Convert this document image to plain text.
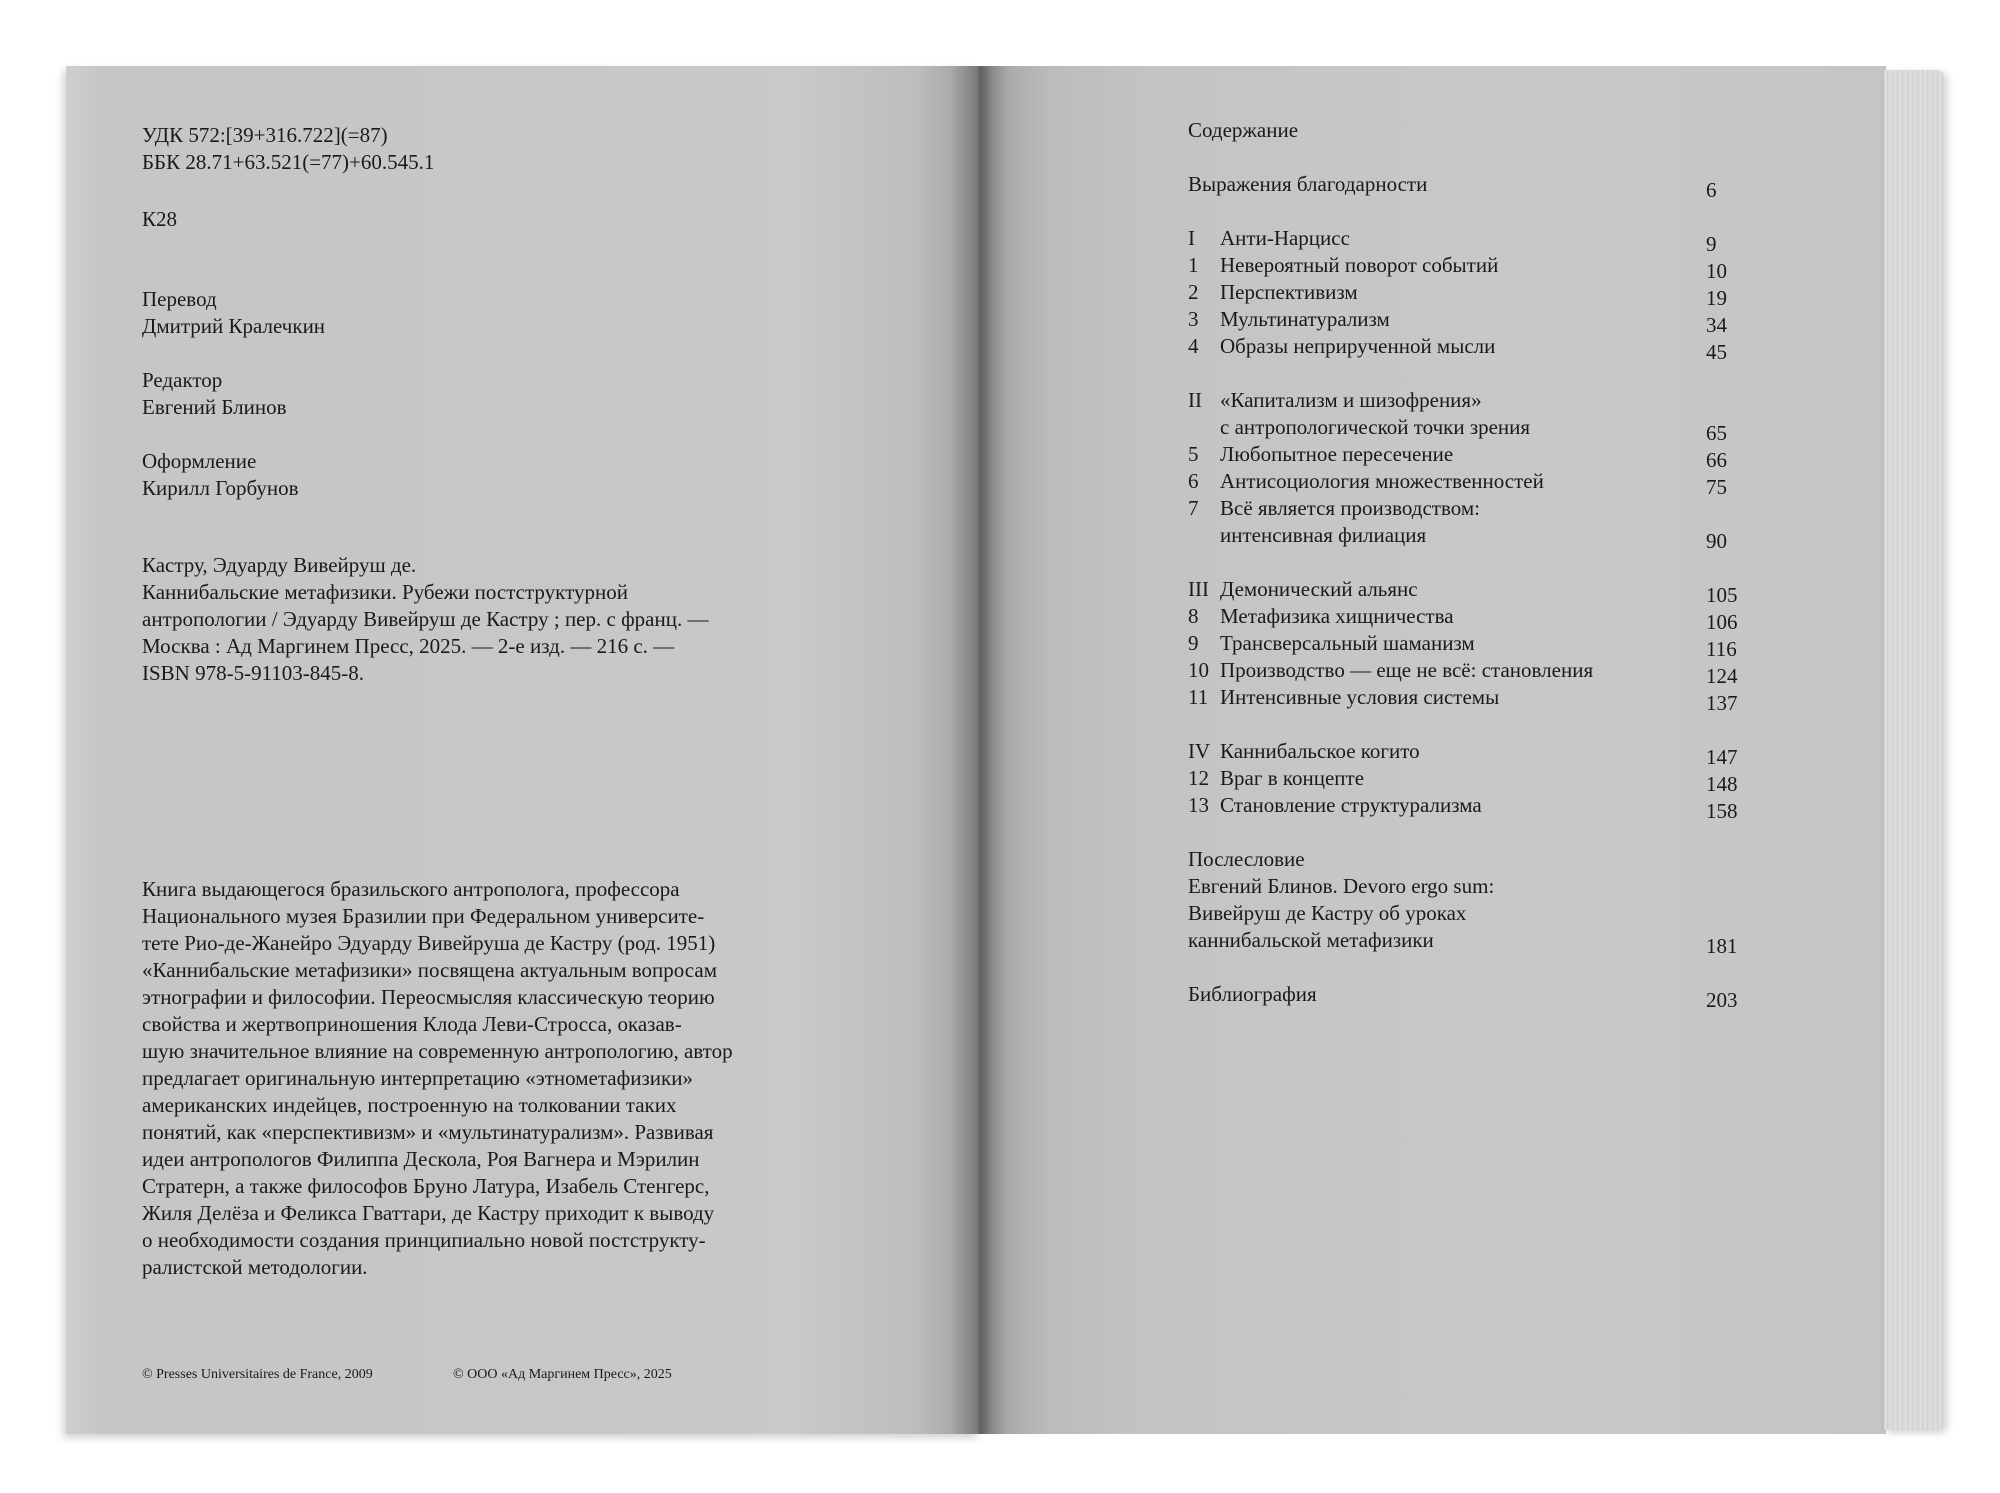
УДК 572:[39+316.722](=87)
ББК 28.71+63.521(=77)+60.545.1
К28
Перевод
Дмитрий Кралечкин
Редактор
Евгений Блинов
Оформление
Кирилл Горбунов
Кастру, Эдуарду Вивейруш де.
Каннибальские метафизики. Рубежи постструктурной
антропологии / Эдуарду Вивейруш де Кастру ; пер. с франц. —
Москва : Ад Маргинем Пресс, 2025. — 2-е изд. — 216 с. —
ISBN 978-5-91103-845-8.

Книга выдающегося бразильского антрополога, профессора

Национального музея Бразилии при Федеральном университе-

тете Рио-де-Жанейро Эдуарду Вивейруша де Кастру (род. 1951)

«Каннибальские метафизики» посвящена актуальным вопросам

этнографии и философии. Переосмысляя классическую теорию

свойства и жертвоприношения Клода Леви-Стросса, оказав-

шую значительное влияние на современную антропологию, автор

предлагает оригинальную интерпретацию «этнометафизики»

американских индейцев, построенную на толковании таких

понятий, как «перспективизм» и «мультинатурализм». Развивая

идеи антропологов Филиппа Дескола, Роя Вагнера и Мэрилин

Стратерн, а также философов Бруно Латура, Изабель Стенгерс,

Жиля Делёза и Феликса Гваттари, де Кастру приходит к выводу

о необходимости создания принципиально новой постструкту-

ралистской методологии.

© Presses Universitaires de France, 2009	© ООО «Ад Маргинем Пресс», 2025
Содержание
Выражения благодарности	6
I	Анти-Нарцисс	9
1	Невероятный поворот событий	10
2	Перспективизм	19
3	Мультинатурализм	34
4	Образы неприрученной мысли	45
II «Капитализм и шизофрения»
с антропологической точки зрения	65
5	Любопытное пересечение	66
6	Антисоциология множественностей	75
7	Всё является производством:
интенсивная филиация	90
III Демонический альянс	105
8	Метафизика хищничества	106
9	Трансверсальный шаманизм	116
10 Производство — еще не всё: становления	124
11 Интенсивные условия системы	137
IV Каннибальское когито	147
12 Враг в концепте	148
13 Становление структурализма	158
Послесловие
Евгений Блинов. Devoro ergo sum:
Вивейруш де Кастру об уроках
каннибальской метафизики	181
Библиография	203
